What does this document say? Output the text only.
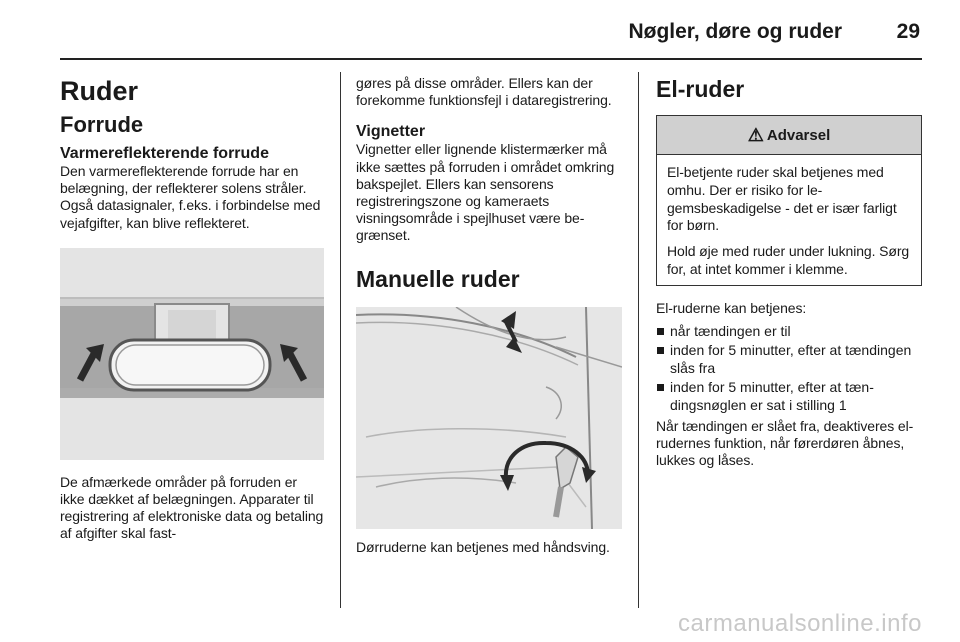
Nøgler, døre og ruder	29
Ruder
Forrude
Varmereflekterende forrude

Den varmereflekterende forrude har en belægning, der reflekterer solens stråler. Også datasignaler, f.eks. i forbindelse med vejafgifter, kan blive reflekteret.

De afmærkede områder på forruden er ikke dækket af belægningen. Apparater til registrering af elektroniske data og betaling af afgifter skal fast-

gøres på disse områder. Ellers kan der forekomme funktionsfejl i dataregistrering.

Vignetter

Vignetter eller lignende klistermærker må ikke sættes på forruden i området omkring bakspejlet. Ellers kan sensorens registreringszone og kameraets visningsområde i spejlhuset være begrænset.

Manuelle ruder

Dørruderne kan betjenes med håndsving.

El-ruder
⚠ Advarsel

El-betjente ruder skal betjenes med omhu. Der er risiko for legemsbeskadigelse - det er især farligt for børn.

Hold øje med ruder under lukning. Sørg for, at intet kommer i klemme.

El-ruderne kan betjenes:

når tændingen er til
inden for 5 minutter, efter at tændingen slås fra
inden for 5 minutter, efter at tændingsnøglen er sat i stilling 1

Når tændingen er slået fra, deaktiveres el-rudernes funktion, når førerdøren åbnes, lukkes og låses.

carmanualsonline.info
